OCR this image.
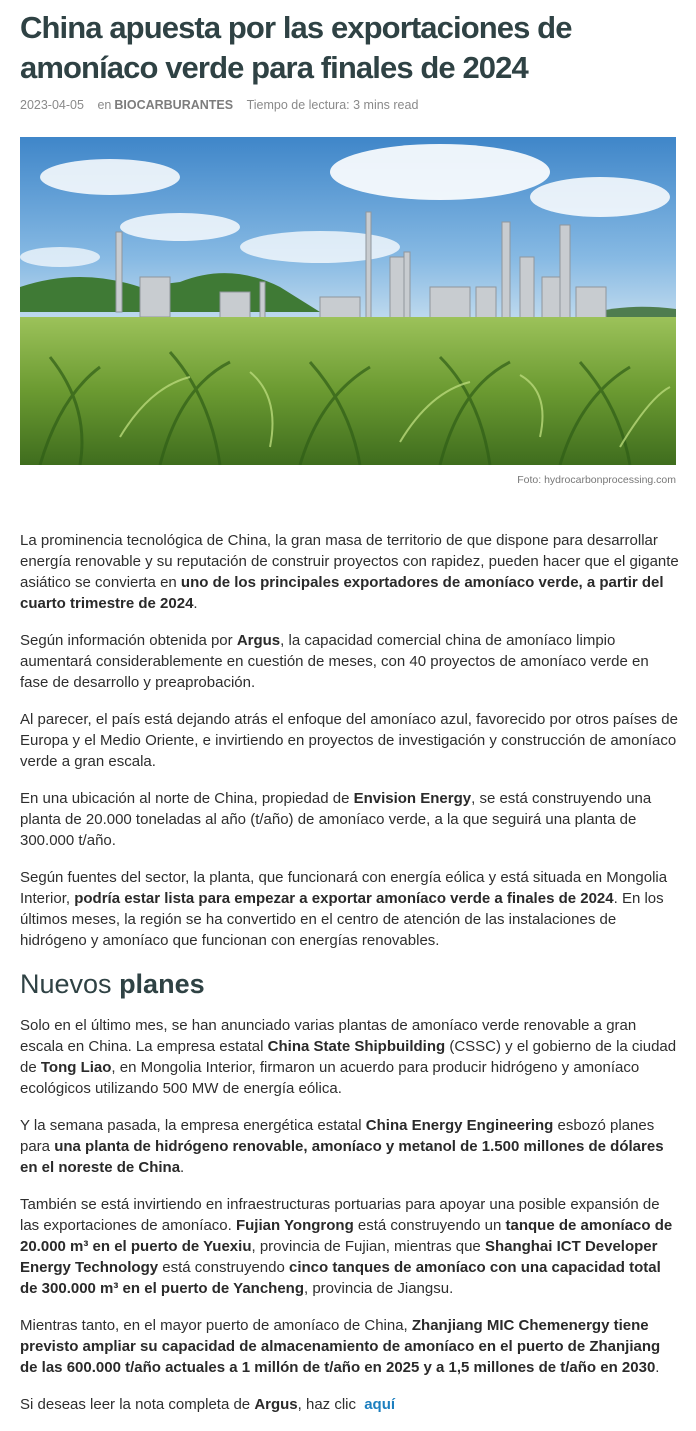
China apuesta por las exportaciones de amoníaco verde para finales de 2024
2023-04-05 en BIOCARBURANTES Tiempo de lectura: 3 mins read
Foto: hydrocarbonprocessing.com

La prominencia tecnológica de China, la gran masa de territorio de que dispone para desarrollar energía renovable y su reputación de construir proyectos con rapidez, pueden hacer que el gigante asiático se convierta en uno de los principales exportadores de amoníaco verde, a partir del cuarto trimestre de 2024.

Según información obtenida por Argus, la capacidad comercial china de amoníaco limpio aumentará considerablemente en cuestión de meses, con 40 proyectos de amoníaco verde en fase de desarrollo y preaprobación.

Al parecer, el país está dejando atrás el enfoque del amoníaco azul, favorecido por otros países de Europa y el Medio Oriente, e invirtiendo en proyectos de investigación y construcción de amoníaco verde a gran escala.

En una ubicación al norte de China, propiedad de Envision Energy, se está construyendo una planta de 20.000 toneladas al año (t/año) de amoníaco verde, a la que seguirá una planta de 300.000 t/año.

Según fuentes del sector, la planta, que funcionará con energía eólica y está situada en Mongolia Interior, podría estar lista para empezar a exportar amoníaco verde a finales de 2024. En los últimos meses, la región se ha convertido en el centro de atención de las instalaciones de hidrógeno y amoníaco que funcionan con energías renovables.

Nuevos planes

Solo en el último mes, se han anunciado varias plantas de amoníaco verde renovable a gran escala en China. La empresa estatal China State Shipbuilding (CSSC) y el gobierno de la ciudad de Tong Liao, en Mongolia Interior, firmaron un acuerdo para producir hidrógeno y amoníaco ecológicos utilizando 500 MW de energía eólica.

Y la semana pasada, la empresa energética estatal China Energy Engineering esbozó planes para una planta de hidrógeno renovable, amoníaco y metanol de 1.500 millones de dólares en el noreste de China.

También se está invirtiendo en infraestructuras portuarias para apoyar una posible expansión de las exportaciones de amoníaco. Fujian Yongrong está construyendo un tanque de amoníaco de 20.000 m³ en el puerto de Yuexiu, provincia de Fujian, mientras que Shanghai ICT Developer Energy Technology está construyendo cinco tanques de amoníaco con una capacidad total de 300.000 m³ en el puerto de Yancheng, provincia de Jiangsu.

Mientras tanto, en el mayor puerto de amoníaco de China, Zhanjiang MIC Chemenergy tiene previsto ampliar su capacidad de almacenamiento de amoníaco en el puerto de Zhanjiang de las 600.000 t/año actuales a 1 millón de t/año en 2025 y a 1,5 millones de t/año en 2030.

Si deseas leer la nota completa de Argus, haz clic aquí
